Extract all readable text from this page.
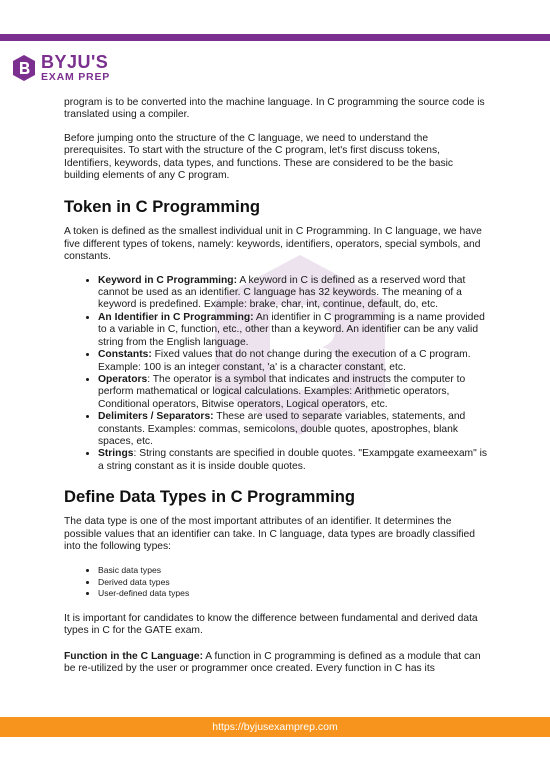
BYJU'S
EXAM PREP

program is to be converted into the machine language. In C programming the source code is translated using a compiler.

Before jumping onto the structure of the C language, we need to understand the prerequisites. To start with the structure of the C program, let's first discuss tokens, Identifiers, keywords, data types, and functions. These are considered to be the basic building elements of any C program.

Token in C Programming

A token is defined as the smallest individual unit in C Programming. In C language, we have five different types of tokens, namely: keywords, identifiers, operators, special symbols, and constants.

• Keyword in C Programming: A keyword in C is defined as a reserved word that cannot be used as an identifier. C language has 32 keywords. The meaning of a keyword is predefined. Example: brake, char, int, continue, default, do, etc.
• An Identifier in C Programming: An identifier in C programming is a name provided to a variable in C, function, etc., other than a keyword. An identifier can be any valid string from the English language.
• Constants: Fixed values that do not change during the execution of a C program. Example: 100 is an integer constant, 'a' is a character constant, etc.
• Operators: The operator is a symbol that indicates and instructs the computer to perform mathematical or logical calculations. Examples: Arithmetic operators, Conditional operators, Bitwise operators, Logical operators, etc.
• Delimiters / Separators: These are used to separate variables, statements, and constants. Examples: commas, semicolons, double quotes, apostrophes, blank spaces, etc.
• Strings: String constants are specified in double quotes. "Exampgate exameexam" is a string constant as it is inside double quotes.
Define Data Types in C Programming

The data type is one of the most important attributes of an identifier. It determines the possible values that an identifier can take. In C language, data types are broadly classified into the following types:

• Basic data types
• Derived data types
• User-defined data types

It is important for candidates to know the difference between fundamental and derived data types in C for the GATE exam.

Function in the C Language: A function in C programming is defined as a module that can be re-utilized by the user or programmer once created. Every function in C has its

https://byjusexamprep.com
